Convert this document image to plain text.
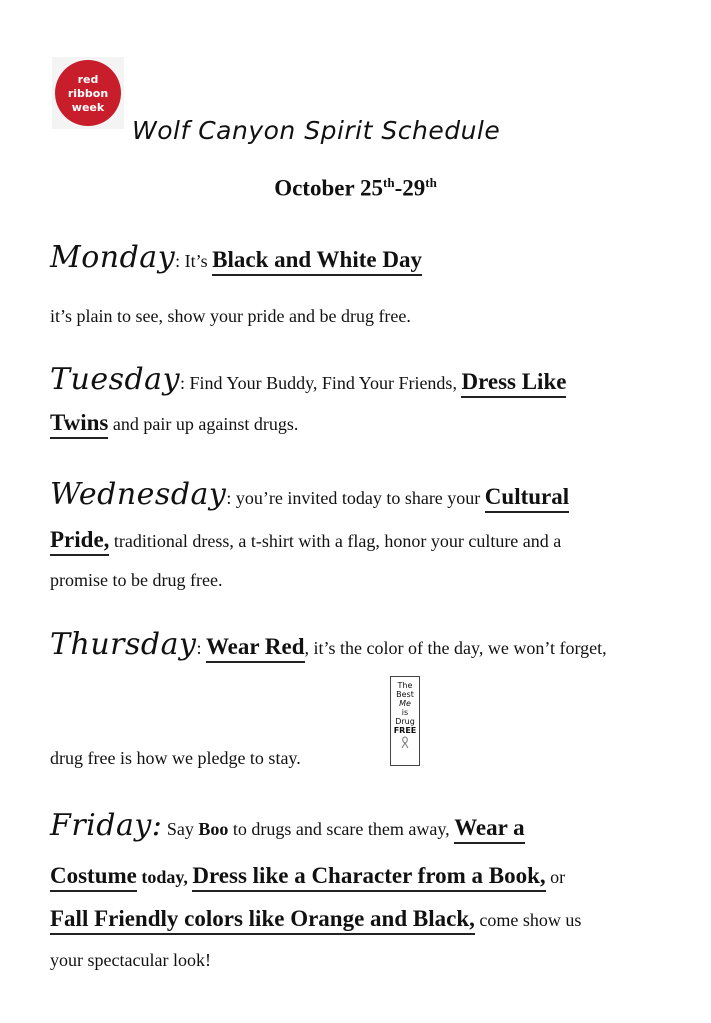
red
ribbon
week
Wolf Canyon Spirit Schedule
October 25th-29th
Monday: It’s Black and White Day
it’s plain to see, show your pride and be drug free.
Tuesday: Find Your Buddy, Find Your Friends, Dress Like
Twins and pair up against drugs.
Wednesday: you’re invited today to share your Cultural
Pride, traditional dress, a t-shirt with a flag, honor your culture and a
promise to be drug free.
Thursday: Wear Red, it’s the color of the day, we won’t forget,
The
Best
Me
is
Drug
FREE
drug free is how we pledge to stay.
Friday: Say Boo to drugs and scare them away, Wear a
Costume today, Dress like a Character from a Book, or
Fall Friendly colors like Orange and Black, come show us
your spectacular look!
